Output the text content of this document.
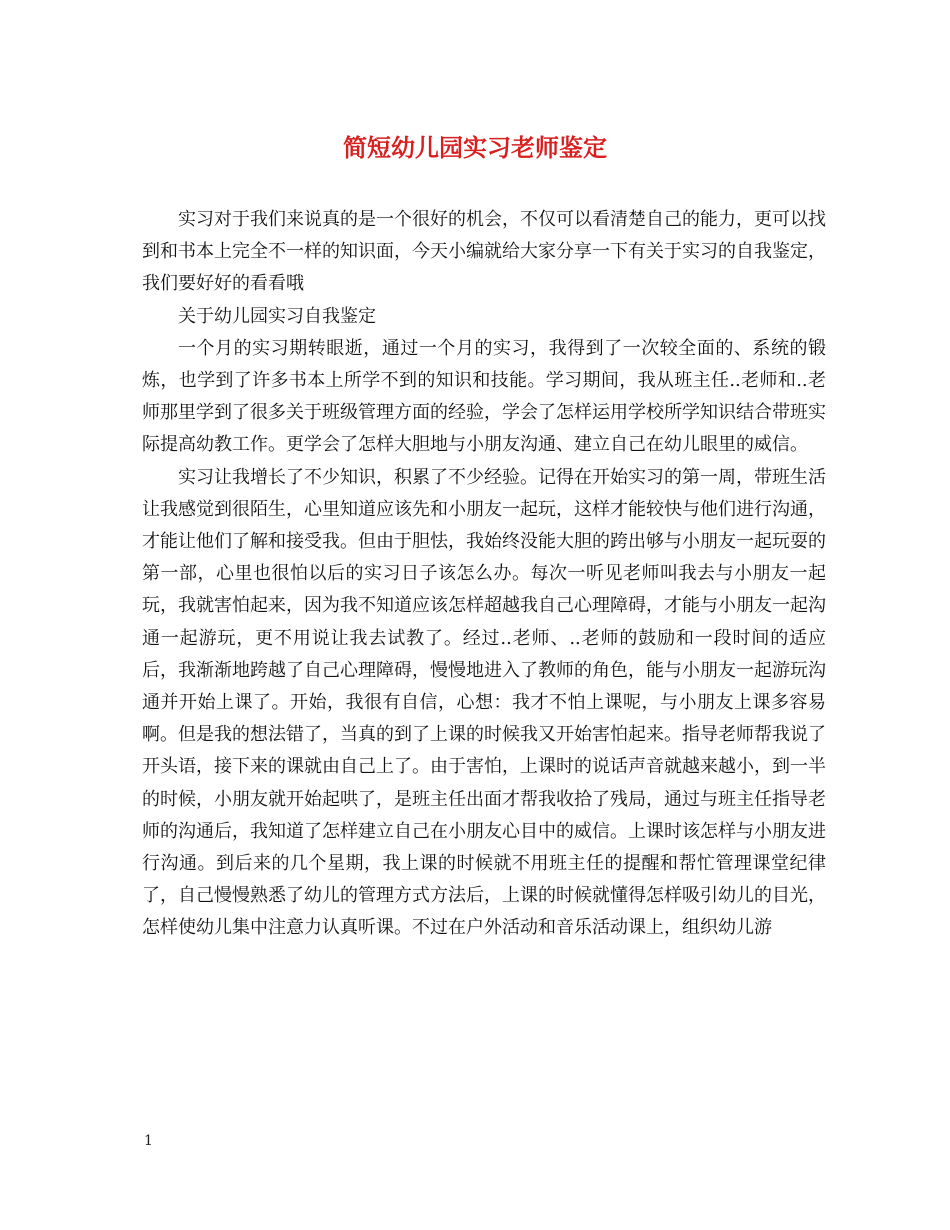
简短幼儿园实习老师鉴定

实习对于我们来说真的是一个很好的机会，不仅可以看清楚自己的能力，更可以找到和书本上完全不一样的知识面，今天小编就给大家分享一下有关于实习的自我鉴定，我们要好好的看看哦

关于幼儿园实习自我鉴定

一个月的实习期转眼逝，通过一个月的实习，我得到了一次较全面的、系统的锻炼，也学到了许多书本上所学不到的知识和技能。学习期间，我从班主任..老师和..老师那里学到了很多关于班级管理方面的经验，学会了怎样运用学校所学知识结合带班实际提高幼教工作。更学会了怎样大胆地与小朋友沟通、建立自己在幼儿眼里的威信。

实习让我增长了不少知识，积累了不少经验。记得在开始实习的第一周，带班生活让我感觉到很陌生，心里知道应该先和小朋友一起玩，这样才能较快与他们进行沟通，才能让他们了解和接受我。但由于胆怯，我始终没能大胆的跨出够与小朋友一起玩耍的第一部，心里也很怕以后的实习日子该怎么办。每次一听见老师叫我去与小朋友一起玩，我就害怕起来，因为我不知道应该怎样超越我自己心理障碍，才能与小朋友一起沟通一起游玩，更不用说让我去试教了。经过..老师、..老师的鼓励和一段时间的适应后，我渐渐地跨越了自己心理障碍，慢慢地进入了教师的角色，能与小朋友一起游玩沟通并开始上课了。开始，我很有自信，心想：我才不怕上课呢，与小朋友上课多容易啊。但是我的想法错了，当真的到了上课的时候我又开始害怕起来。指导老师帮我说了开头语，接下来的课就由自己上了。由于害怕，上课时的说话声音就越来越小，到一半的时候，小朋友就开始起哄了，是班主任出面才帮我收拾了残局，通过与班主任指导老师的沟通后，我知道了怎样建立自己在小朋友心目中的威信。上课时该怎样与小朋友进行沟通。到后来的几个星期，我上课的时候就不用班主任的提醒和帮忙管理课堂纪律了，自己慢慢熟悉了幼儿的管理方式方法后，上课的时候就懂得怎样吸引幼儿的目光，怎样使幼儿集中注意力认真听课。不过在户外活动和音乐活动课上，组织幼儿游

1
